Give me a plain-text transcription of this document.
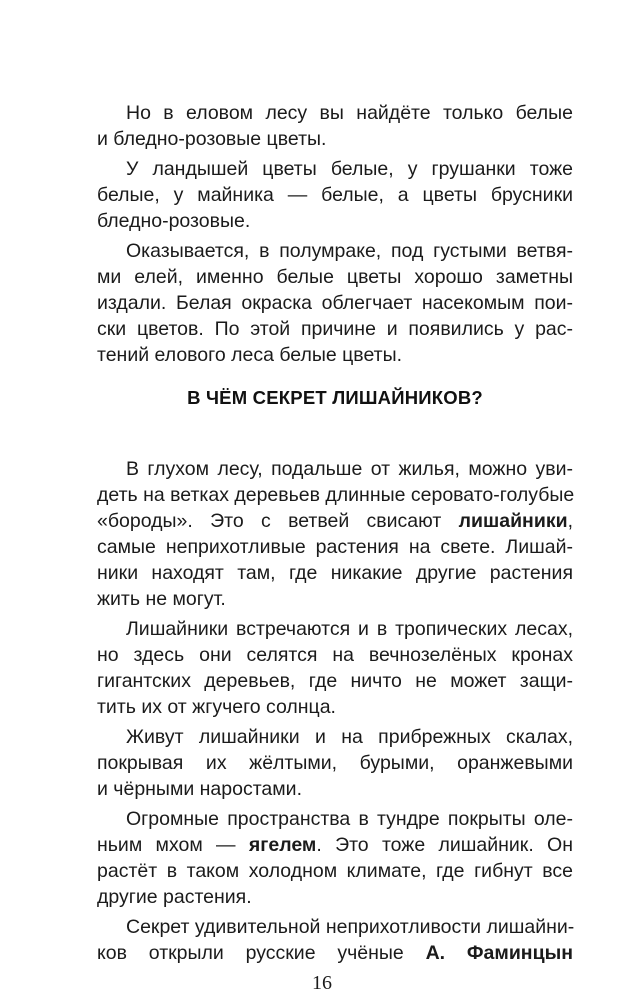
Но в еловом лесу вы найдёте только белые
и бледно-розовые цветы.
У ландышей цветы белые, у грушанки тоже
белые, у майника — белые, а цветы брусники
бледно-розовые.
Оказывается, в полумраке, под густыми ветвя-
ми елей, именно белые цветы хорошо заметны
издали. Белая окраска облегчает насекомым пои-
ски цветов. По этой причине и появились у рас-
тений елового леса белые цветы.
В ЧЁМ СЕКРЕТ ЛИШАЙНИКОВ?
В глухом лесу, подальше от жилья, можно уви-
деть на ветках деревьев длинные серовато-голубые
«бороды». Это с ветвей свисают лишайники,
самые неприхотливые растения на свете. Лишай-
ники находят там, где никакие другие растения
жить не могут.
Лишайники встречаются и в тропических лесах,
но здесь они селятся на вечнозелёных кронах
гигантских деревьев, где ничто не может защи-
тить их от жгучего солнца.
Живут лишайники и на прибрежных скалах,
покрывая их жёлтыми, бурыми, оранжевыми
и чёрными наростами.
Огромные пространства в тундре покрыты оле-
ньим мхом — ягелем. Это тоже лишайник. Он
растёт в таком холодном климате, где гибнут все
другие растения.
Секрет удивительной неприхотливости лишайни-
ков открыли русские учёные А. Фаминцын
16
